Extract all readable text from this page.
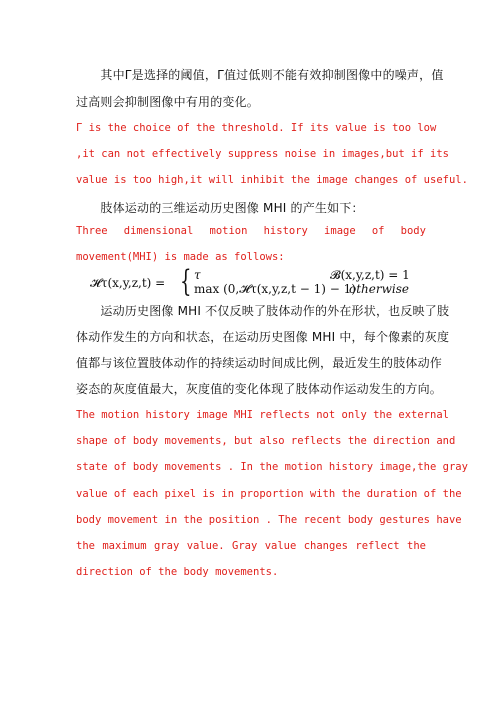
　　其中Γ是选择的阈值，Γ值过低则不能有效抑制图像中的噪声，值
过高则会抑制图像中有用的变化。
Γ is the choice of the threshold. If its value is too low
,it can not effectively suppress noise in images,but if its
value is too high,it will inhibit the image changes of useful.
　　肢体运动的三维运动历史图像 MHI 的产生如下：
Three dimensional motion history image of body
movement(MHI) is made as follows:
𝓗τ(x,y,z,t) = { τ
max (0,𝓗τ(x,y,z,t − 1) − 1)
𝓑(x,y,z,t) = 1
otherwise
　　运动历史图像 MHI 不仅反映了肢体动作的外在形状，也反映了肢
体动作发生的方向和状态，在运动历史图像 MHI 中，每个像素的灰度
值都与该位置肢体动作的持续运动时间成比例，最近发生的肢体动作
姿态的灰度值最大，灰度值的变化体现了肢体动作运动发生的方向。
The motion history image MHI reflects not only the external
shape of body movements, but also reflects the direction and
state of body movements . In the motion history image,the gray
value of each pixel is in proportion with the duration of the
body movement in the position . The recent body gestures have
the maximum gray value. Gray value changes reflect the
direction of the body movements.
